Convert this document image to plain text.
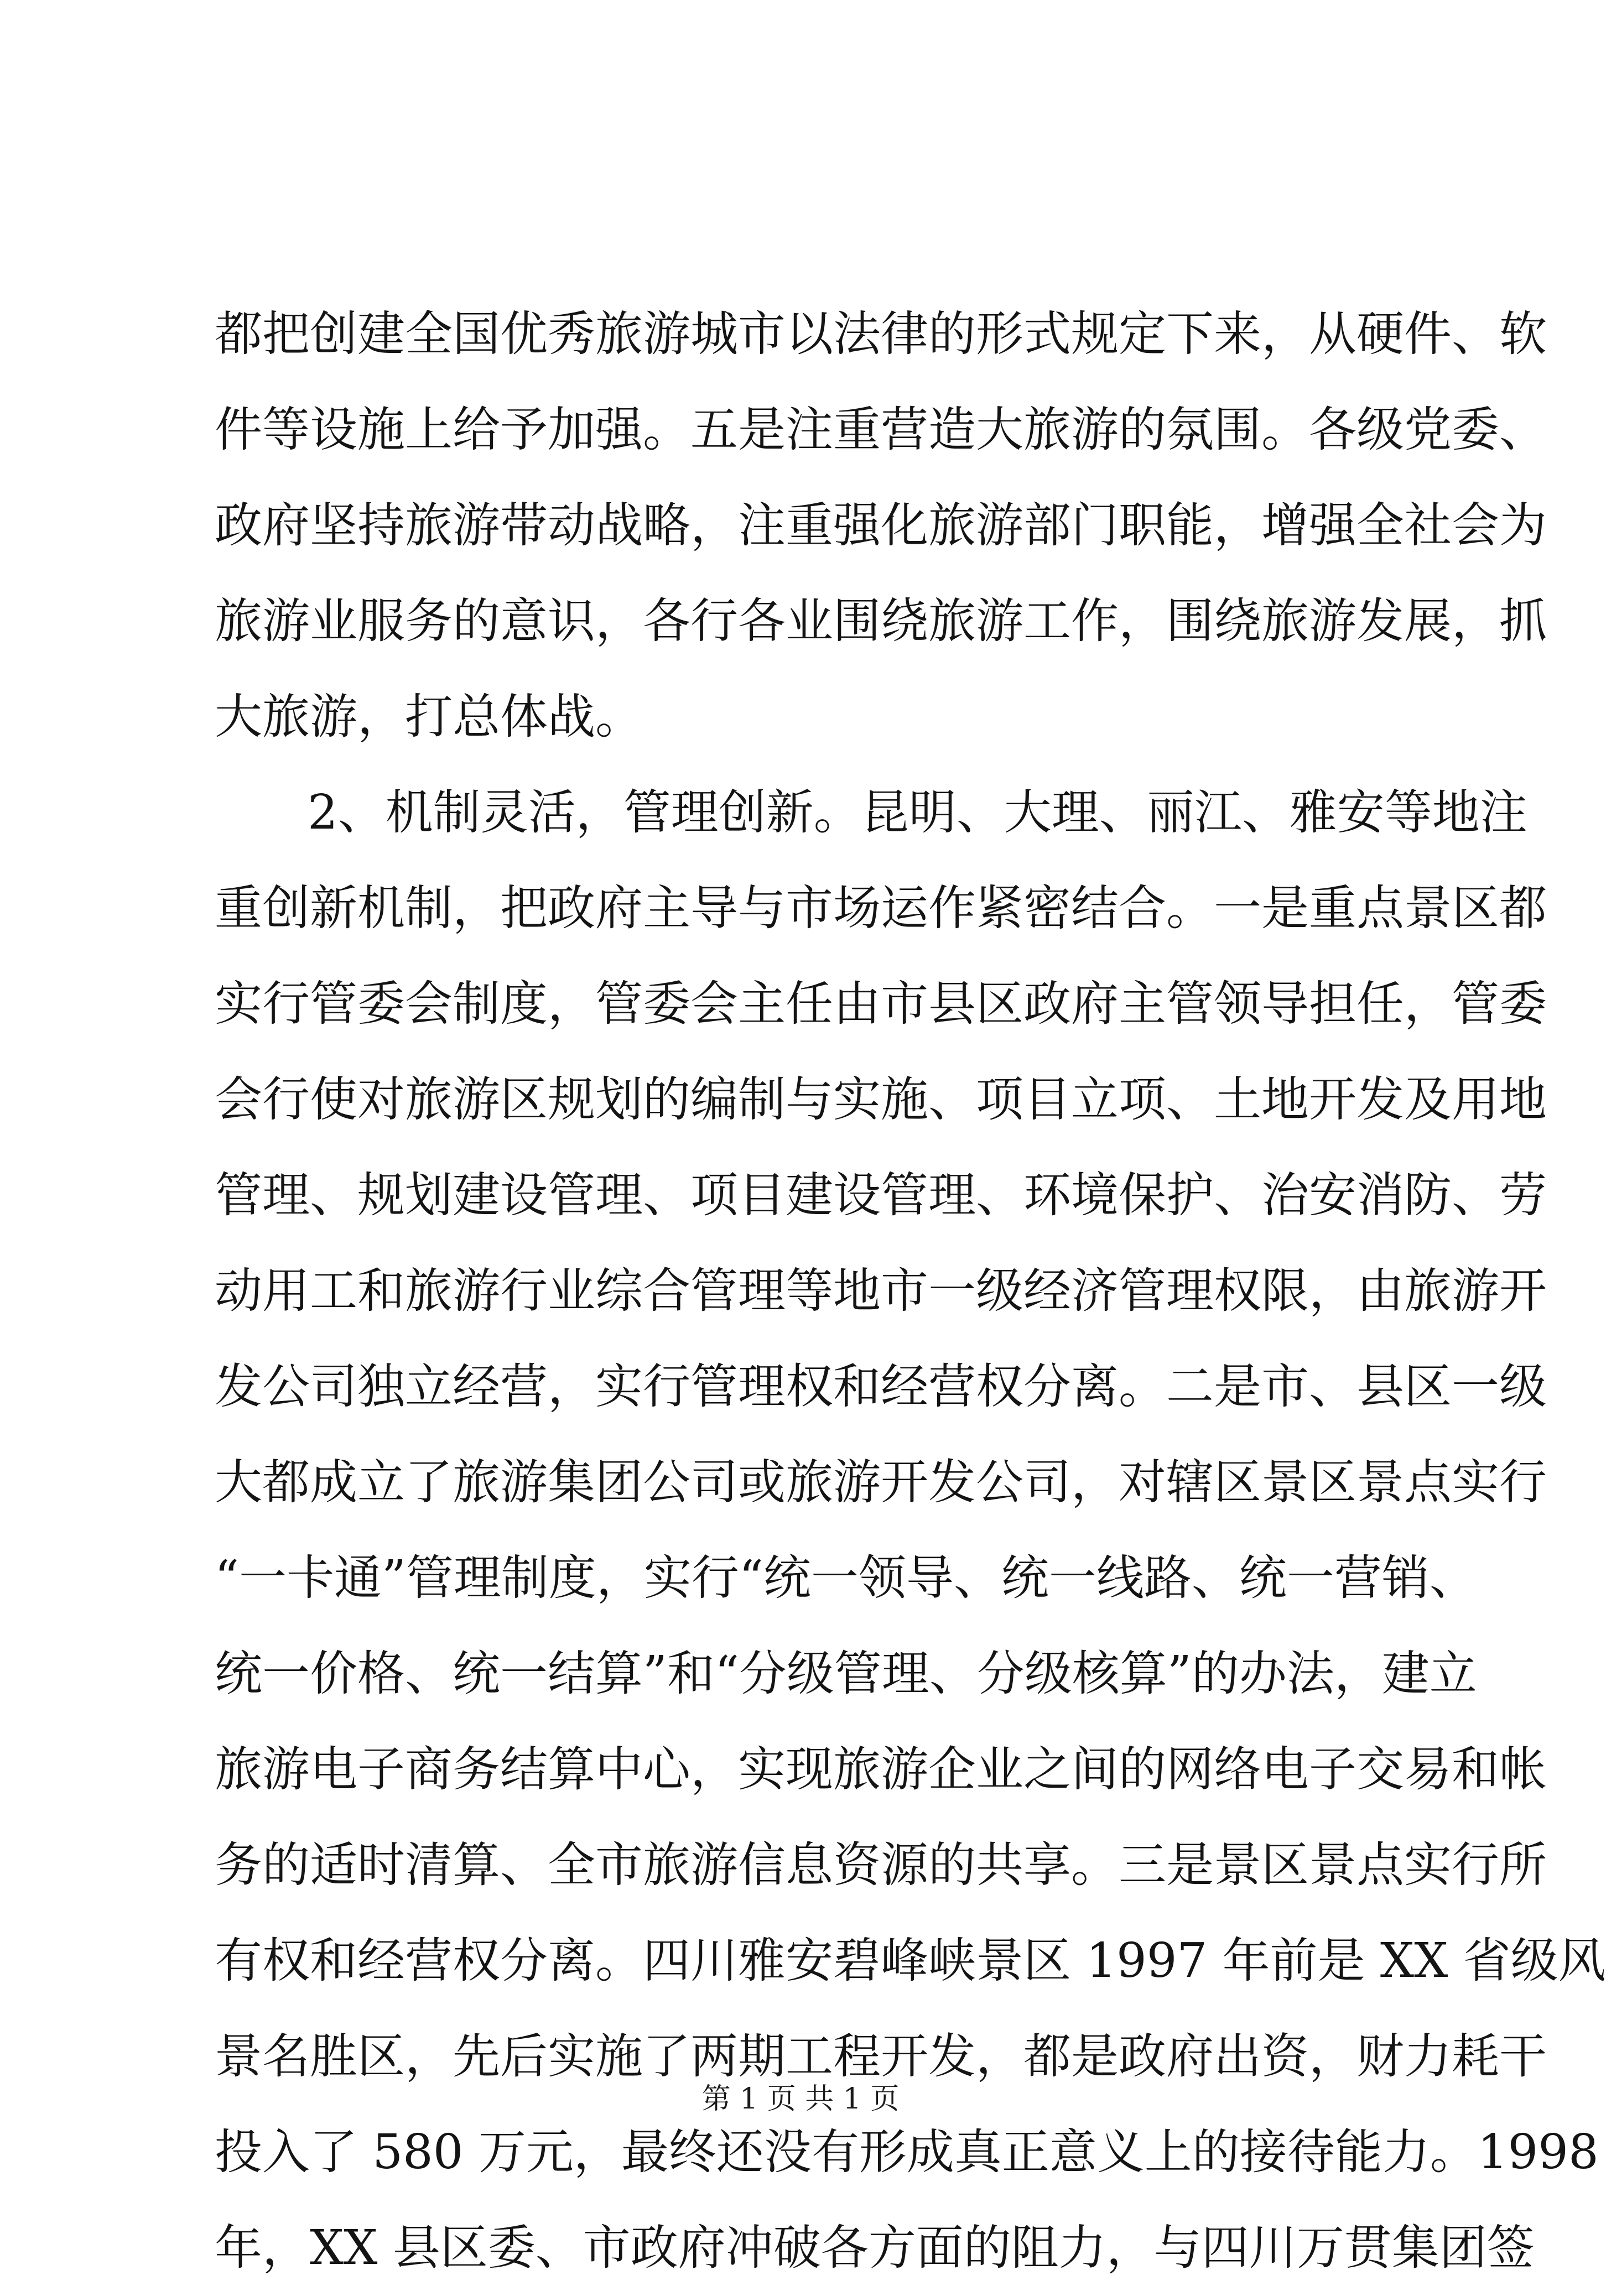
都把创建全国优秀旅游城市以法律的形式规定下来，从硬件、软
件等设施上给予加强。五是注重营造大旅游的氛围。各级党委、
政府坚持旅游带动战略，注重强化旅游部门职能，增强全社会为
旅游业服务的意识，各行各业围绕旅游工作，围绕旅游发展，抓
大旅游，打总体战。
2、机制灵活，管理创新。昆明、大理、丽江、雅安等地注
重创新机制，把政府主导与市场运作紧密结合。一是重点景区都
实行管委会制度，管委会主任由市县区政府主管领导担任，管委
会行使对旅游区规划的编制与实施、项目立项、土地开发及用地
管理、规划建设管理、项目建设管理、环境保护、治安消防、劳
动用工和旅游行业综合管理等地市一级经济管理权限，由旅游开
发公司独立经营，实行管理权和经营权分离。二是市、县区一级
大都成立了旅游集团公司或旅游开发公司，对辖区景区景点实行
“一卡通”管理制度，实行“统一领导、统一线路、统一营销、
统一价格、统一结算”和“分级管理、分级核算”的办法，建立
旅游电子商务结算中心，实现旅游企业之间的网络电子交易和帐
务的适时清算、全市旅游信息资源的共享。三是景区景点实行所
有权和经营权分离。四川雅安碧峰峡景区 1997 年前是 XX 省级风
景名胜区，先后实施了两期工程开发，都是政府出资，财力耗干
投入了 580 万元，最终还没有形成真正意义上的接待能力。1998
年，XX 县区委、市政府冲破各方面的阻力，与四川万贯集团签
第 1 页 共 1 页
